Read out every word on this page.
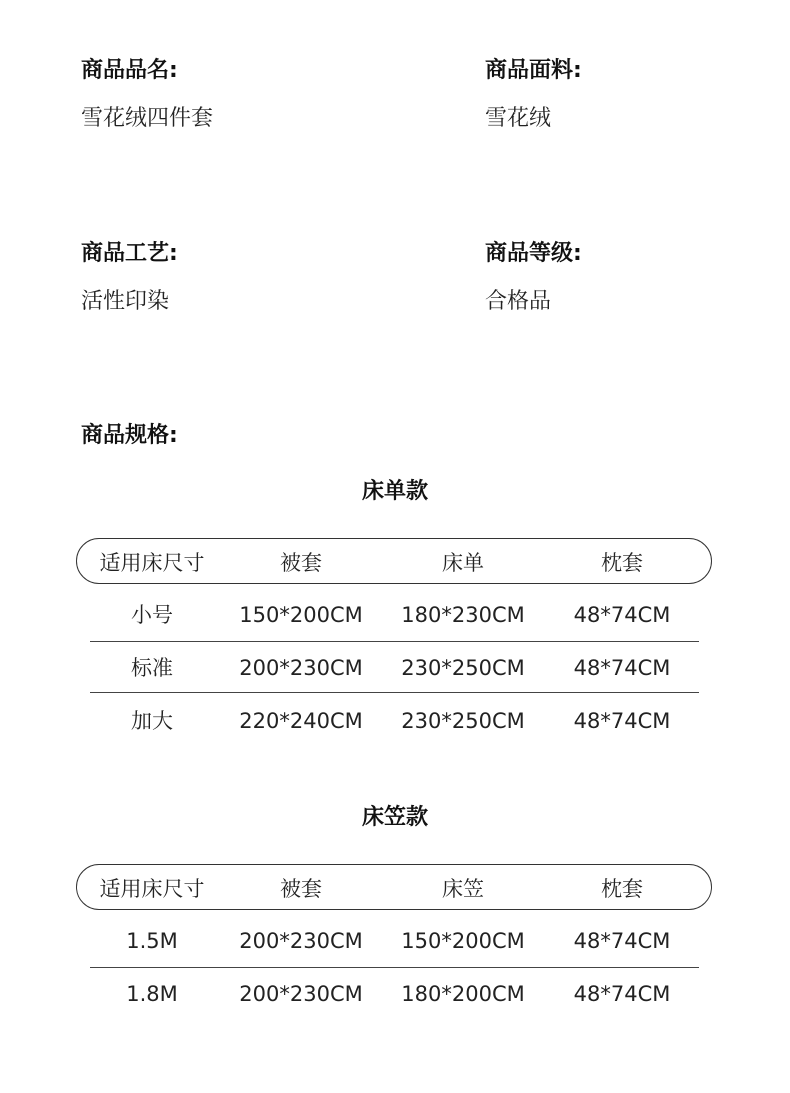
商品品名:
雪花绒四件套
商品面料:
雪花绒
商品工艺:
活性印染
商品等级:
合格品
商品规格:
床单款
适用床尺寸	被套	床单	枕套
小号	150*200CM 180*230CM 48*74CM
标准	200*230CM 230*250CM 48*74CM
加大	220*240CM 230*250CM 48*74CM
床笠款
适用床尺寸	被套	床笠	枕套
1.5M	200*230CM 150*200CM 48*74CM
1.8M	200*230CM 180*200CM 48*74CM
